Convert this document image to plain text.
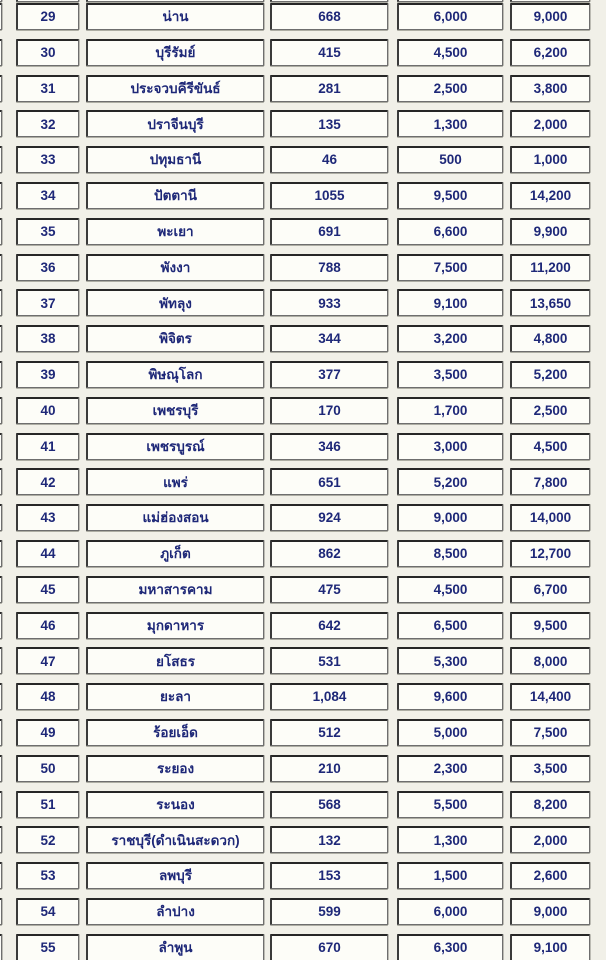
29	น่าน	668	6,000	9,000
30	บุรีรัมย์	415	4,500	6,200
31	ประจวบคีรีขันธ์	281	2,500	3,800
32	ปราจีนบุรี	135	1,300	2,000
33	ปทุมธานี	46	500	1,000
34	ปัตตานี	1055	9,500	14,200
35	พะเยา	691	6,600	9,900
36	พังงา	788	7,500	11,200
37	พัทลุง	933	9,100	13,650
38	พิจิตร	344	3,200	4,800
39	พิษณุโลก	377	3,500	5,200
40	เพชรบุรี	170	1,700	2,500
41	เพชรบูรณ์	346	3,000	4,500
42	แพร่	651	5,200	7,800
43	แม่ฮ่องสอน	924	9,000	14,000
44	ภูเก็ต	862	8,500	12,700
45	มหาสารคาม	475	4,500	6,700
46	มุกดาหาร	642	6,500	9,500
47	ยโสธร	531	5,300	8,000
48	ยะลา	1,084	9,600	14,400
49	ร้อยเอ็ด	512	5,000	7,500
50	ระยอง	210	2,300	3,500
51	ระนอง	568	5,500	8,200
52	ราชบุรี(ดำเนินสะดวก)	132	1,300	2,000
53	ลพบุรี	153	1,500	2,600
54	ลำปาง	599	6,000	9,000
55	ลำพูน	670	6,300	9,100
